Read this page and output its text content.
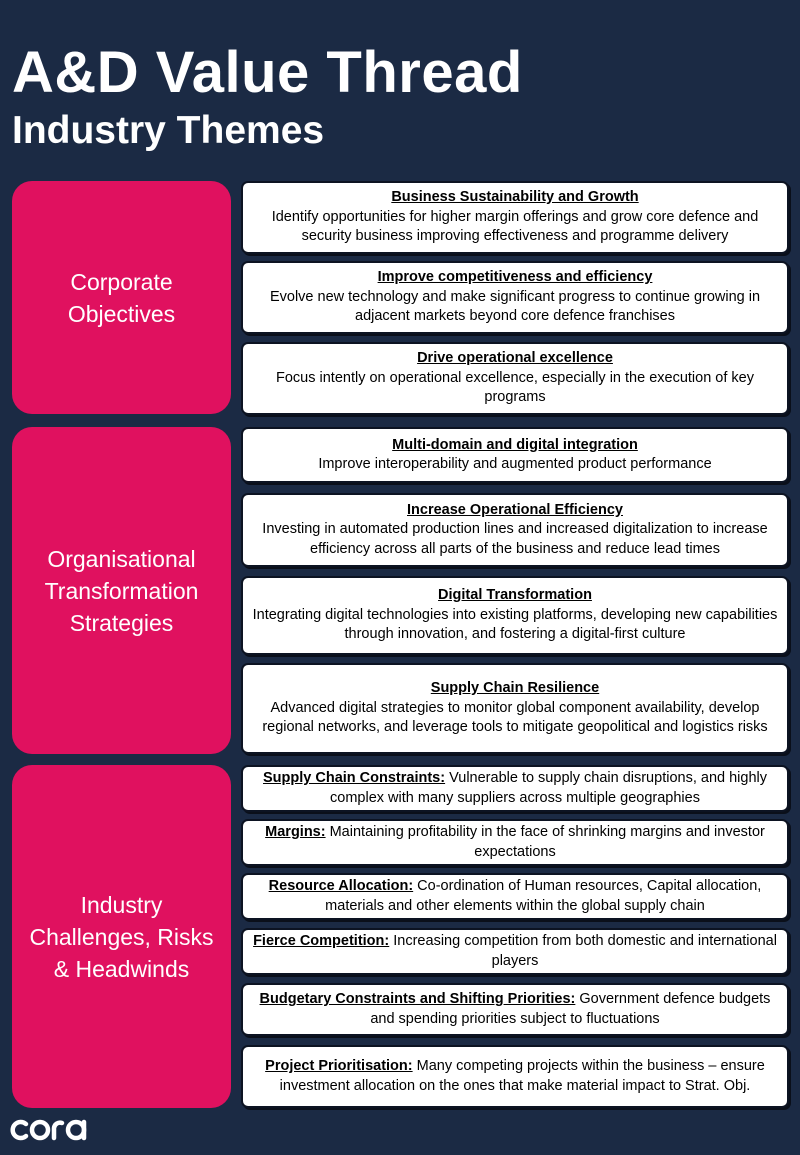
A&D Value Thread
Industry Themes
Corporate
Objectives
Business Sustainability and Growth
Identify opportunities for higher margin offerings and grow core defence and security business improving effectiveness and programme delivery
Improve competitiveness and efficiency
Evolve new technology and make significant progress to continue growing in adjacent markets beyond core defence franchises
Drive operational excellence
Focus intently on operational excellence, especially in the execution of key programs
Organisational
Transformation
Strategies
Multi-domain and digital integration
Improve interoperability and augmented product performance
Increase Operational Efficiency
Investing in automated production lines and increased digitalization to increase efficiency across all parts of the business and reduce lead times
Digital Transformation
Integrating digital technologies into existing platforms, developing new capabilities through innovation, and fostering a digital-first culture
Supply Chain Resilience
Advanced digital strategies to monitor global component availability, develop regional networks, and leverage tools to mitigate geopolitical and logistics risks
Industry
Challenges, Risks
& Headwinds
Supply Chain Constraints: Vulnerable to supply chain disruptions, and highly complex with many suppliers across multiple geographies
Margins: Maintaining profitability in the face of shrinking margins and investor expectations
Resource Allocation: Co-ordination of Human resources, Capital allocation, materials and other elements within the global supply chain
Fierce Competition: Increasing competition from both domestic and international players
Budgetary Constraints and Shifting Priorities: Government defence budgets and spending priorities subject to fluctuations
Project Prioritisation: Many competing projects within the business – ensure investment allocation on the ones that make material impact to Strat. Obj.
